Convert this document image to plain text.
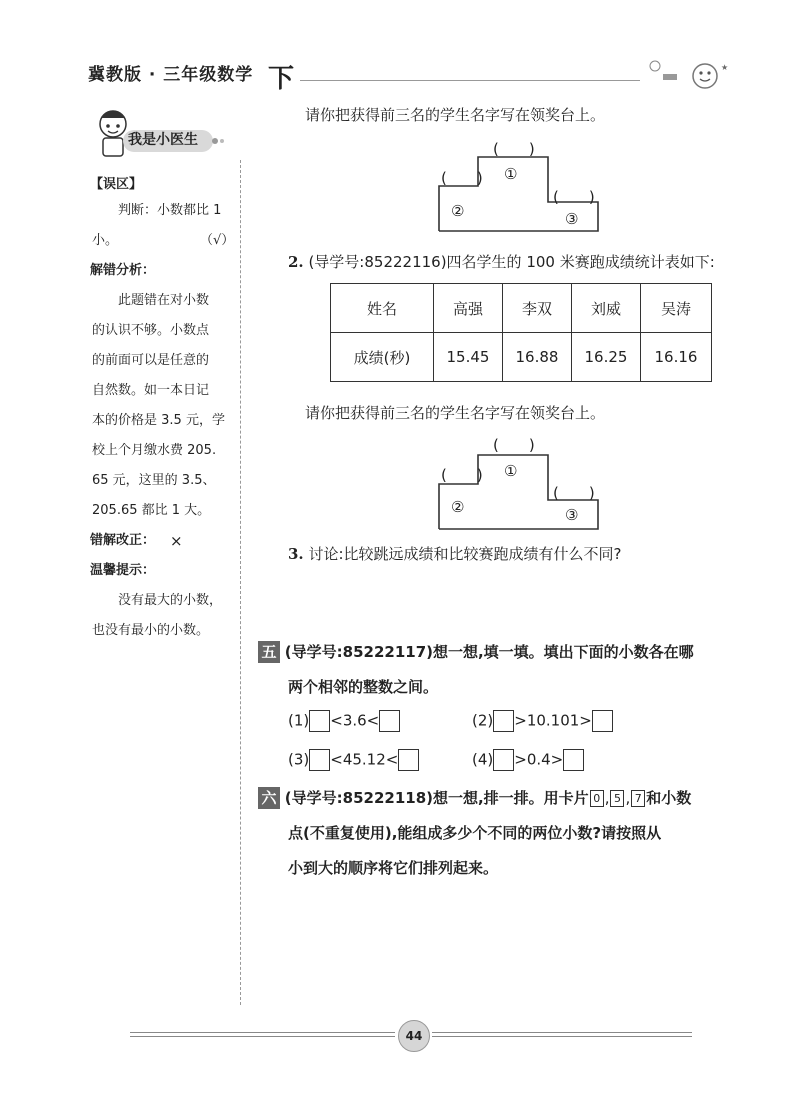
冀教版 · 三年级数学 下	★
我是小医生
【误区】
判断：小数都比 1
小。	（√）
解错分析：
此题错在对小数
的认识不够。小数点
的前面可以是任意的
自然数。如一本日记
本的价格是 3.5 元，学
校上个月缴水费 205.
65 元，这里的 3.5、
205.65 都比 1 大。
错解改正： ×
温馨提示：
没有最大的小数，
也没有最小的小数。
请你把获得前三名的学生名字写在领奖台上。
(　　)
(　　)
(　　)
①
②	③
2. (导学号:85222116)四名学生的 100 米赛跑成绩统计表如下:
姓名	高强	李双	刘威	吴涛
成绩(秒)	15.45	16.88	16.25	16.16
请你把获得前三名的学生名字写在领奖台上。
(　　)
(　　)
(　　)
①
②	③
3. 讨论:比较跳远成绩和比较赛跑成绩有什么不同?
五 (导学号:85222117)想一想,填一填。填出下面的小数各在哪
两个相邻的整数之间。
(1) <3.6<	(2) >10.101>
(3) <45.12<	(4) >0.4>
六 (导学号:85222118)想一想,排一排。用卡片 0 , 5 , 7 和小数
点(不重复使用),能组成多少个不同的两位小数?请按照从
小到大的顺序将它们排列起来。
44
